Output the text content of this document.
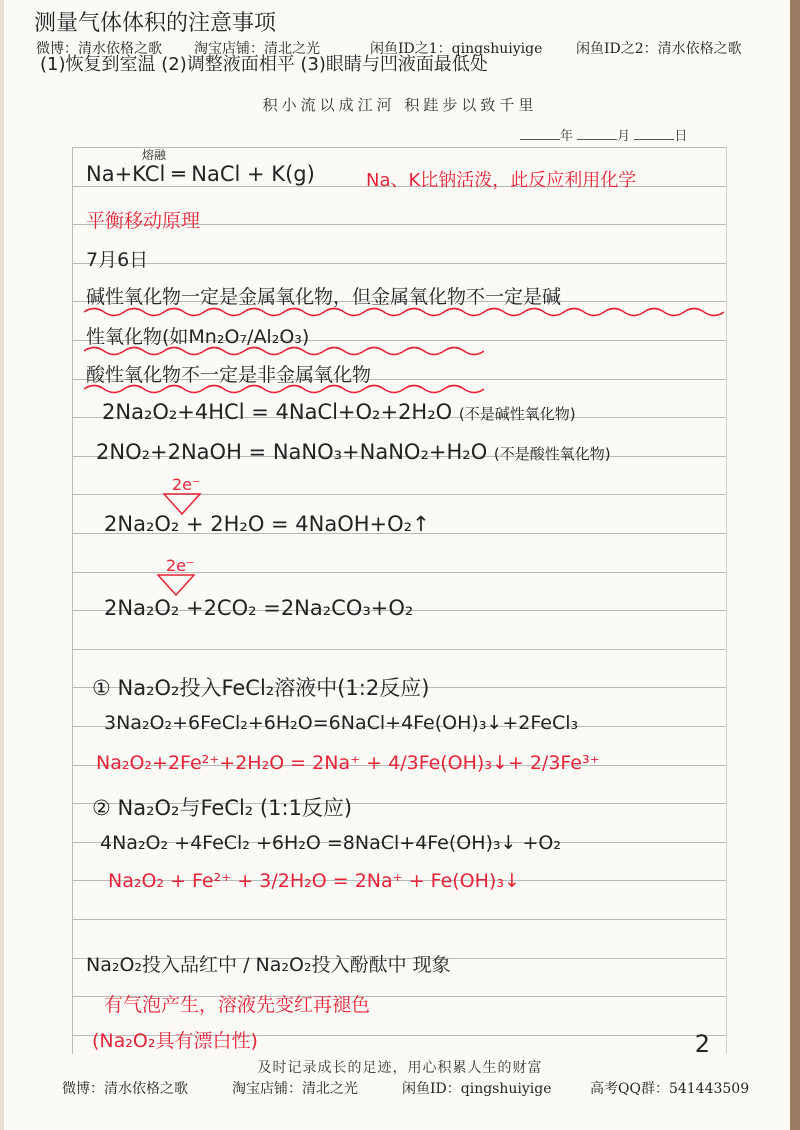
测量气体体积的注意事项
(1)恢复到室温 (2)调整液面相平 (3)眼睛与凹液面最低处
微博：清水依格之歌 淘宝店铺：清北之光	闲鱼ID之1：qingshuiyige 闲鱼ID之2：清水依格之歌
积小流以成江河 积跬步以致千里
年	月	日
Na+KCl ═ NaCl + K(g)
熔融
Na、K比钠活泼，此反应利用化学
平衡移动原理
7月6日
碱性氧化物一定是金属氧化物，但金属氧化物不一定是碱
性氧化物(如Mn₂O₇/Al₂O₃)
酸性氧化物不一定是非金属氧化物
2Na₂O₂+4HCl = 4NaCl+O₂+2H₂O (不是碱性氧化物)
2NO₂+2NaOH = NaNO₃+NaNO₂+H₂O (不是酸性氧化物)
2e⁻
2Na₂O₂ + 2H₂O = 4NaOH+O₂↑
2e⁻
2Na₂O₂ +2CO₂ =2Na₂CO₃+O₂
① Na₂O₂投入FeCl₂溶液中(1:2反应)
3Na₂O₂+6FeCl₂+6H₂O=6NaCl+4Fe(OH)₃↓+2FeCl₃
Na₂O₂+2Fe²⁺+2H₂O = 2Na⁺ + 4/3Fe(OH)₃↓+ 2/3Fe³⁺
② Na₂O₂与FeCl₂ (1:1反应)
4Na₂O₂ +4FeCl₂ +6H₂O =8NaCl+4Fe(OH)₃↓ +O₂
Na₂O₂ + Fe²⁺ + 3/2H₂O = 2Na⁺ + Fe(OH)₃↓
Na₂O₂投入品红中 / Na₂O₂投入酚酞中 现象
有气泡产生，溶液先变红再褪色
(Na₂O₂具有漂白性)	2
及时记录成长的足迹，用心积累人生的财富
微博：清水依格之歌	淘宝店铺：清北之光	闲鱼ID：qingshuiyige	高考QQ群：541443509
